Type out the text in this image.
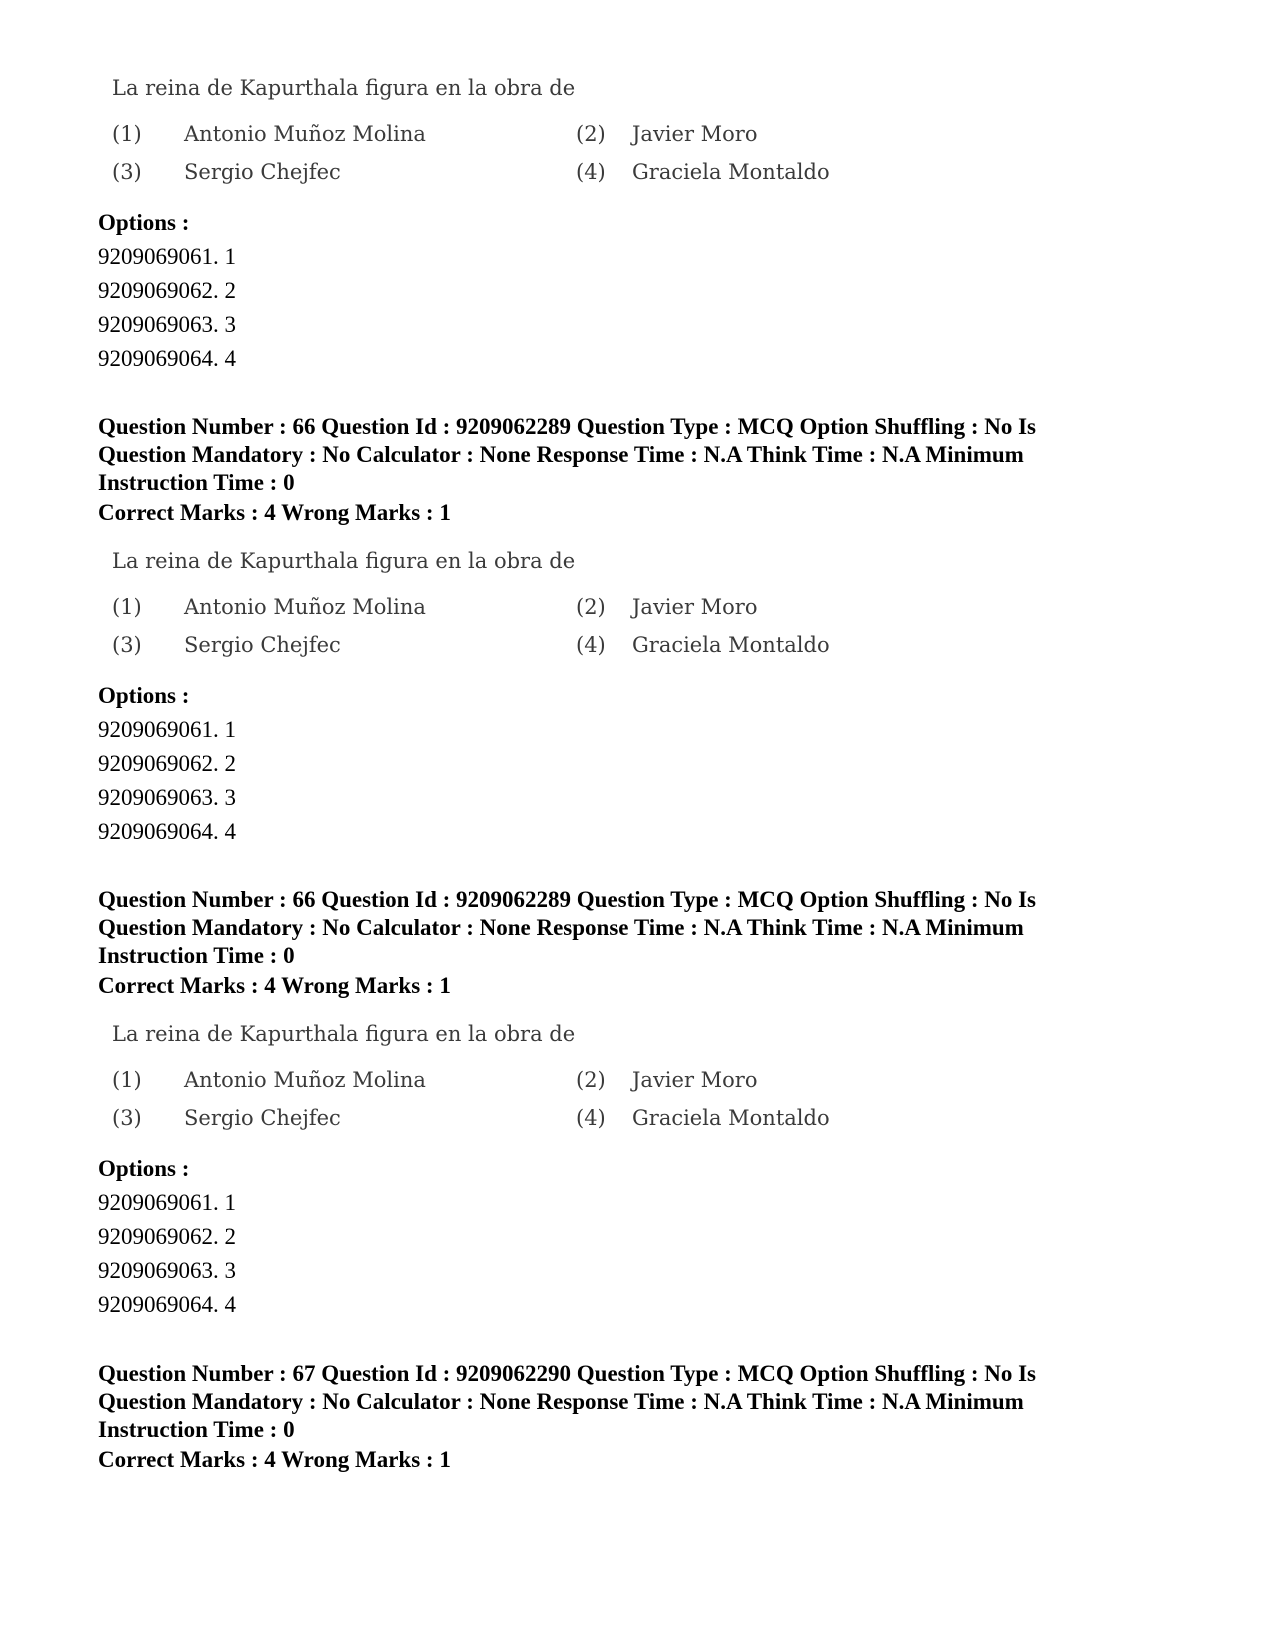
La reina de Kapurthala figura en la obra de
(1) Antonio Muñoz Molina	(2) Javier Moro
(3) Sergio Chejfec	(4) Graciela Montaldo
Options :
9209069061. 1
9209069062. 2
9209069063. 3
9209069064. 4
Question Number : 66 Question Id : 9209062289 Question Type : MCQ Option Shuffling : No Is
Question Mandatory : No Calculator : None Response Time : N.A Think Time : N.A Minimum
Instruction Time : 0
Correct Marks : 4 Wrong Marks : 1
La reina de Kapurthala figura en la obra de
(1) Antonio Muñoz Molina	(2) Javier Moro
(3) Sergio Chejfec	(4) Graciela Montaldo
Options :
9209069061. 1
9209069062. 2
9209069063. 3
9209069064. 4
Question Number : 66 Question Id : 9209062289 Question Type : MCQ Option Shuffling : No Is
Question Mandatory : No Calculator : None Response Time : N.A Think Time : N.A Minimum
Instruction Time : 0
Correct Marks : 4 Wrong Marks : 1
La reina de Kapurthala figura en la obra de
(1) Antonio Muñoz Molina	(2) Javier Moro
(3) Sergio Chejfec	(4) Graciela Montaldo
Options :
9209069061. 1
9209069062. 2
9209069063. 3
9209069064. 4
Question Number : 67 Question Id : 9209062290 Question Type : MCQ Option Shuffling : No Is
Question Mandatory : No Calculator : None Response Time : N.A Think Time : N.A Minimum
Instruction Time : 0
Correct Marks : 4 Wrong Marks : 1
